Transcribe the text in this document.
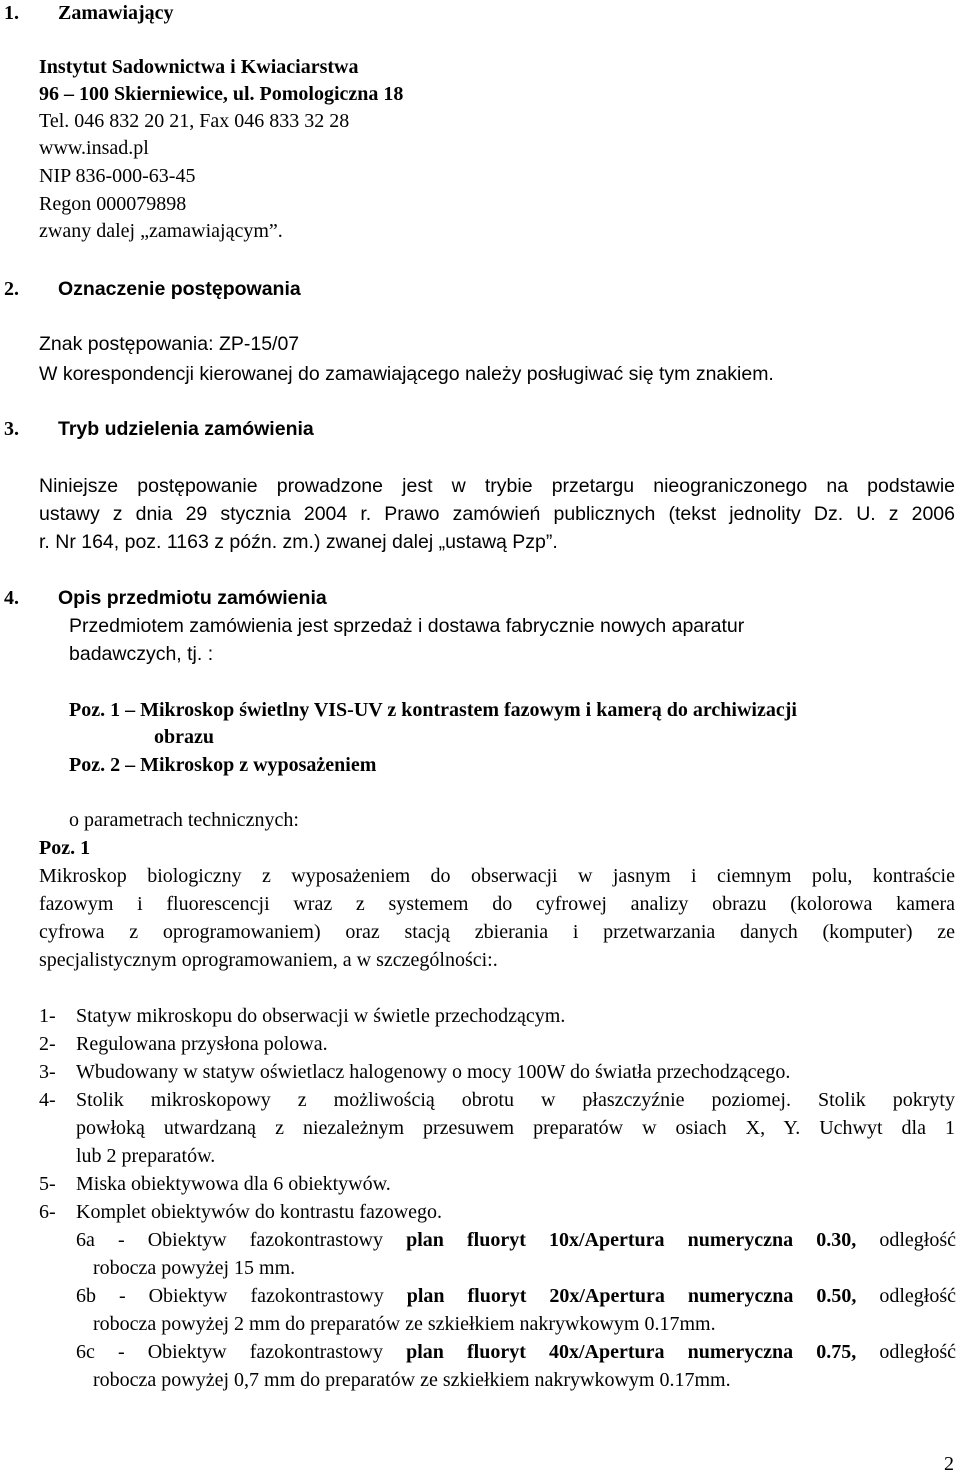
1. Zamawiający
Instytut Sadownictwa i Kwiaciarstwa
96 – 100 Skierniewice, ul. Pomologiczna 18
Tel. 046 832 20 21, Fax 046 833 32 28
www.insad.pl
NIP 836-000-63-45
Regon 000079898
zwany dalej „zamawiającym”.
2. Oznaczenie postępowania
Znak postępowania: ZP-15/07
W korespondencji kierowanej do zamawiającego należy posługiwać się tym znakiem.
3. Tryb udzielenia zamówienia
Niniejsze postępowanie prowadzone jest w trybie przetargu nieograniczonego na podstawie
ustawy z dnia 29 stycznia 2004 r. Prawo zamówień publicznych (tekst jednolity Dz. U. z 2006
r. Nr 164, poz. 1163 z późn. zm.) zwanej dalej „ustawą Pzp”.
4. Opis przedmiotu zamówienia
Przedmiotem zamówienia jest sprzedaż i dostawa fabrycznie nowych aparatur
badawczych, tj. :
Poz. 1 – Mikroskop świetlny VIS-UV z kontrastem fazowym i kamerą do archiwizacji
obrazu
Poz. 2 – Mikroskop z wyposażeniem
o parametrach technicznych:
Poz. 1
Mikroskop biologiczny z wyposażeniem do obserwacji w jasnym i ciemnym polu, kontraście
fazowym i fluorescencji wraz z systemem do cyfrowej analizy obrazu (kolorowa kamera
cyfrowa z oprogramowaniem) oraz stacją zbierania i przetwarzania danych (komputer) ze
specjalistycznym oprogramowaniem, a w szczególności:.
1- Statyw mikroskopu do obserwacji w świetle przechodzącym.
2- Regulowana przysłona polowa.
3- Wbudowany w statyw oświetlacz halogenowy o mocy 100W do światła przechodzącego.
4- Stolik mikroskopowy z możliwością obrotu w płaszczyźnie poziomej. Stolik pokryty
powłoką utwardzaną z niezależnym przesuwem preparatów w osiach X, Y. Uchwyt dla 1
lub 2 preparatów.
5- Miska obiektywowa dla 6 obiektywów.
6- Komplet obiektywów do kontrastu fazowego.
6a - Obiektyw fazokontrastowy plan fluoryt 10x/Apertura numeryczna 0.30, odległość
robocza powyżej 15 mm.
6b - Obiektyw fazokontrastowy plan fluoryt 20x/Apertura numeryczna 0.50, odległość
robocza powyżej 2 mm do preparatów ze szkiełkiem nakrywkowym 0.17mm.
6c - Obiektyw fazokontrastowy plan fluoryt 40x/Apertura numeryczna 0.75, odległość
robocza powyżej 0,7 mm do preparatów ze szkiełkiem nakrywkowym 0.17mm.
2
